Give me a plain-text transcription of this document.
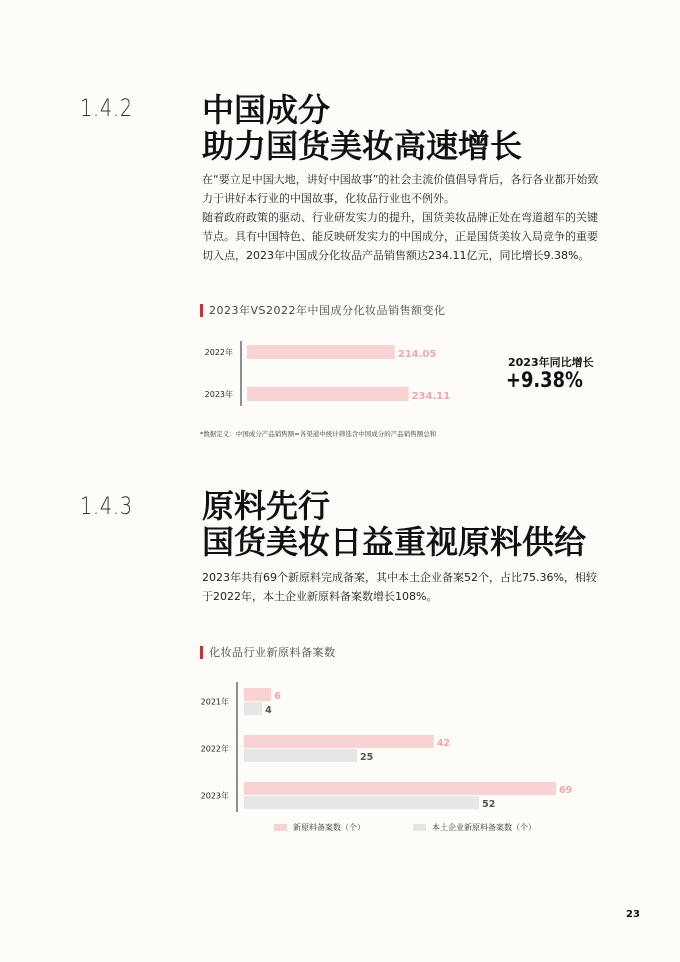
1.4.2 中国成分
助力国货美妆高速增长

在“要立足中国大地，讲好中国故事”的社会主流价值倡导背后，各行各业都开始致力于讲好本行业的中国故事，化妆品行业也不例外。

随着政府政策的驱动、行业研发实力的提升，国货美妆品牌正处在弯道超车的关键节点。具有中国特色、能反映研发实力的中国成分，正是国货美妆入局竞争的重要切入点，2023年中国成分化妆品产品销售额达234.11亿元，同比增长9.38%。

2023年VS2022年中国成分化妆品销售额变化
2022年	214.05
2023年	234.11
2023年同比增长
+9.38%
*数据定义：中国成分产品销售额=各渠道中统计筛选含中国成分的产品销售额总和
1.4.3 原料先行
国货美妆日益重视原料供给

2023年共有69个新原料完成备案，其中本土企业备案52个，占比75.36%，相较于2022年，本土企业新原料备案数增长108%。

化妆品行业新原料备案数
2021年	6
4
2022年	42
25
2023年	69
52
新原料备案数（个）	本土企业新原料备案数（个）
23
